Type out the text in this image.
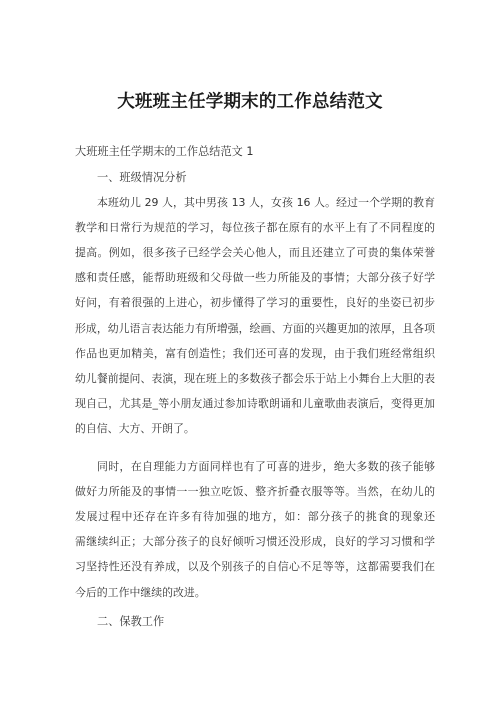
大班班主任学期末的工作总结范文
大班班主任学期末的工作总结范文 1
一、班级情况分析
本班幼儿 29 人，其中男孩 13 人，女孩 16 人。经过一个学期的教育
教学和日常行为规范的学习，每位孩子都在原有的水平上有了不同程度的
提高。例如，很多孩子已经学会关心他人，而且还建立了可贵的集体荣誉
感和责任感，能帮助班级和父母做一些力所能及的事情；大部分孩子好学
好问，有着很强的上进心，初步懂得了学习的重要性，良好的坐姿已初步
形成，幼儿语言表达能力有所增强，绘画、方面的兴趣更加的浓厚，且各项
作品也更加精美，富有创造性；我们还可喜的发现，由于我们班经常组织
幼儿餐前提问、表演，现在班上的多数孩子都会乐于站上小舞台上大胆的表
现自己，尤其是_等小朋友通过参加诗歌朗诵和儿童歌曲表演后，变得更加
的自信、大方、开朗了。
同时，在自理能力方面同样也有了可喜的进步，绝大多数的孩子能够
做好力所能及的事情一一独立吃饭、整齐折叠衣服等等。当然，在幼儿的
发展过程中还存在许多有待加强的地方，如：部分孩子的挑食的现象还
需继续纠正；大部分孩子的良好倾听习惯还没形成，良好的学习习惯和学
习坚持性还没有养成，以及个别孩子的自信心不足等等，这都需要我们在
今后的工作中继续的改进。
二、保教工作
